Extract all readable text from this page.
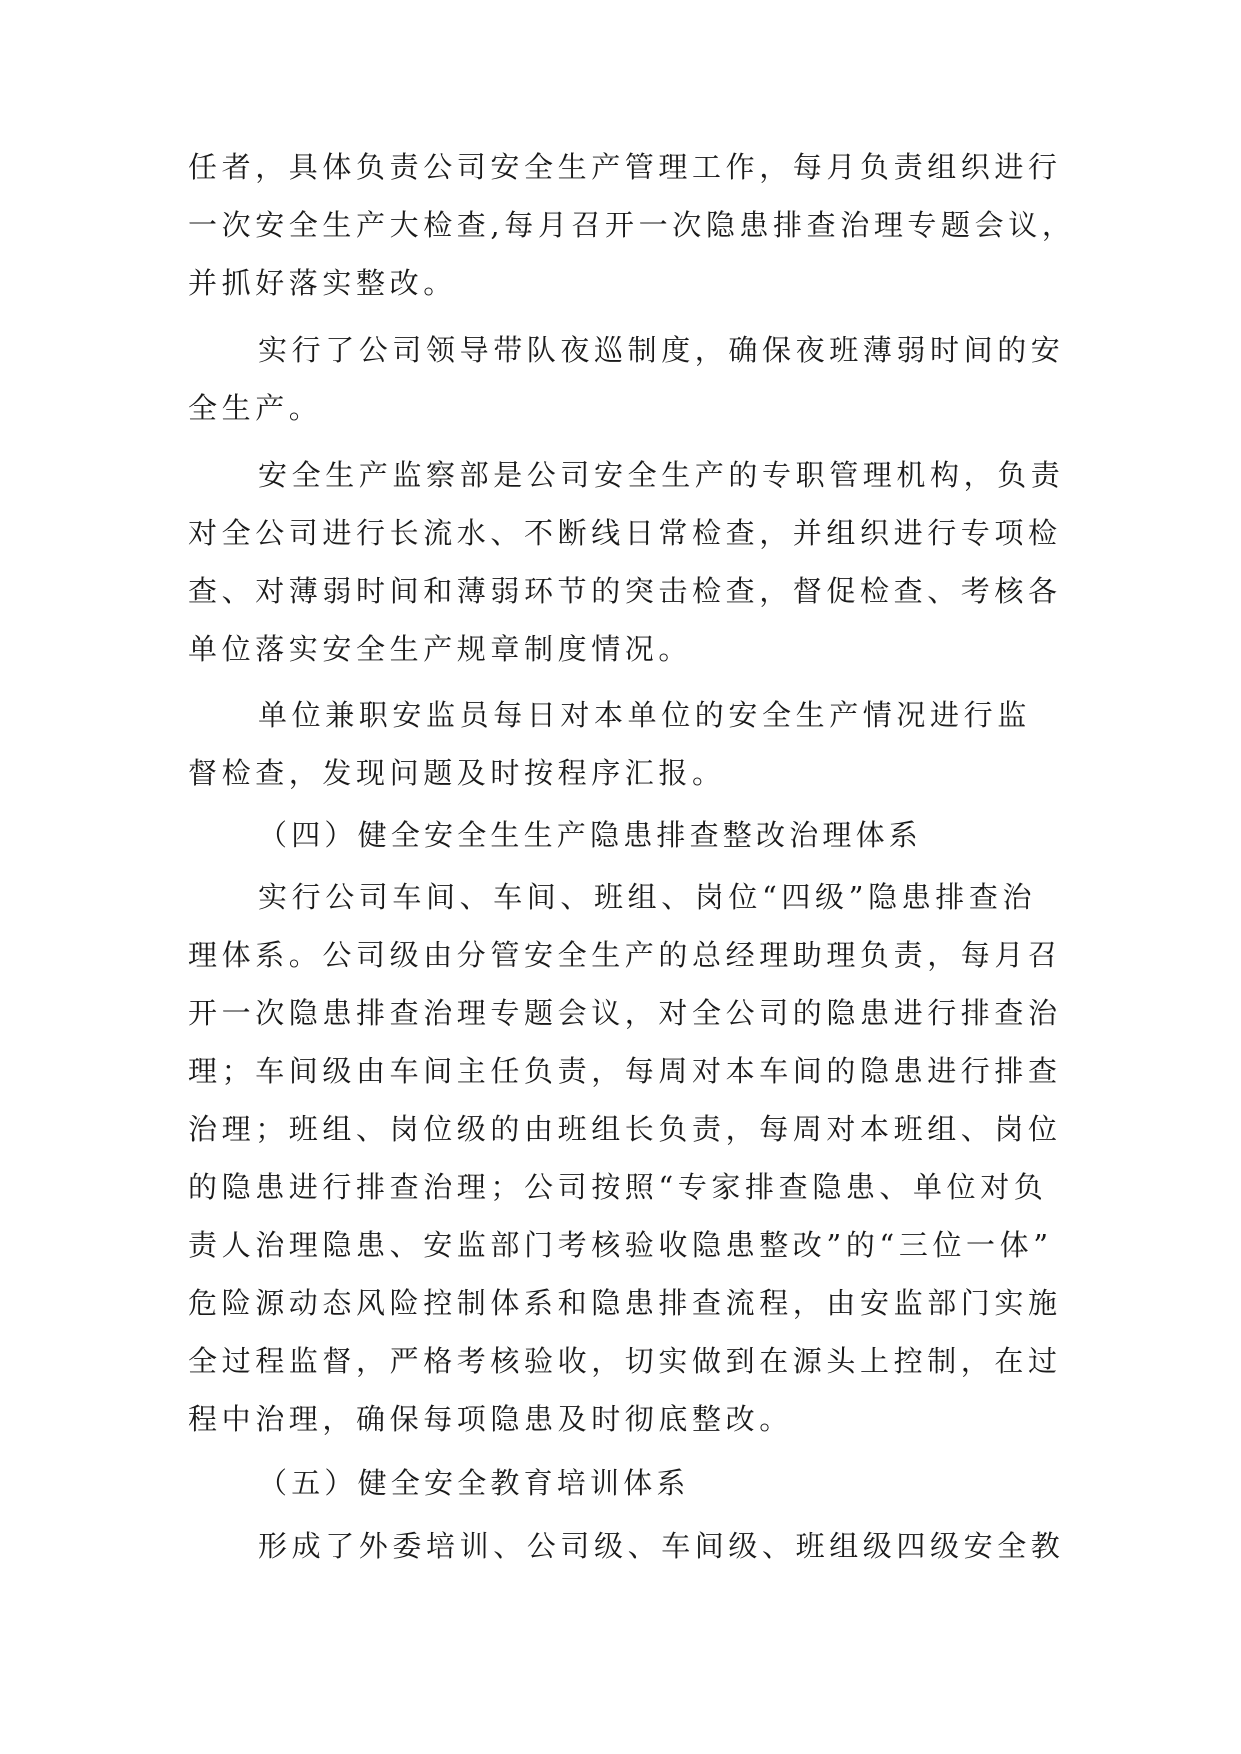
任者，具体负责公司安全生产管理工作，每月负责组织进行
一次安全生产大检查,每月召开一次隐患排查治理专题会议，
并抓好落实整改。
实行了公司领导带队夜巡制度，确保夜班薄弱时间的安
全生产。
安全生产监察部是公司安全生产的专职管理机构，负责
对全公司进行长流水、不断线日常检查，并组织进行专项检
查、对薄弱时间和薄弱环节的突击检查，督促检查、考核各
单位落实安全生产规章制度情况。
单位兼职安监员每日对本单位的安全生产情况进行监
督检查，发现问题及时按程序汇报。
（四）健全安全生生产隐患排查整改治理体系
实行公司车间、车间、班组、岗位“四级”隐患排查治
理体系。公司级由分管安全生产的总经理助理负责，每月召
开一次隐患排查治理专题会议，对全公司的隐患进行排查治
理；车间级由车间主任负责，每周对本车间的隐患进行排查
治理；班组、岗位级的由班组长负责，每周对本班组、岗位
的隐患进行排查治理；公司按照“专家排查隐患、单位对负
责人治理隐患、安监部门考核验收隐患整改”的“三位一体”
危险源动态风险控制体系和隐患排查流程，由安监部门实施
全过程监督，严格考核验收，切实做到在源头上控制，在过
程中治理，确保每项隐患及时彻底整改。
（五）健全安全教育培训体系
形成了外委培训、公司级、车间级、班组级四级安全教
